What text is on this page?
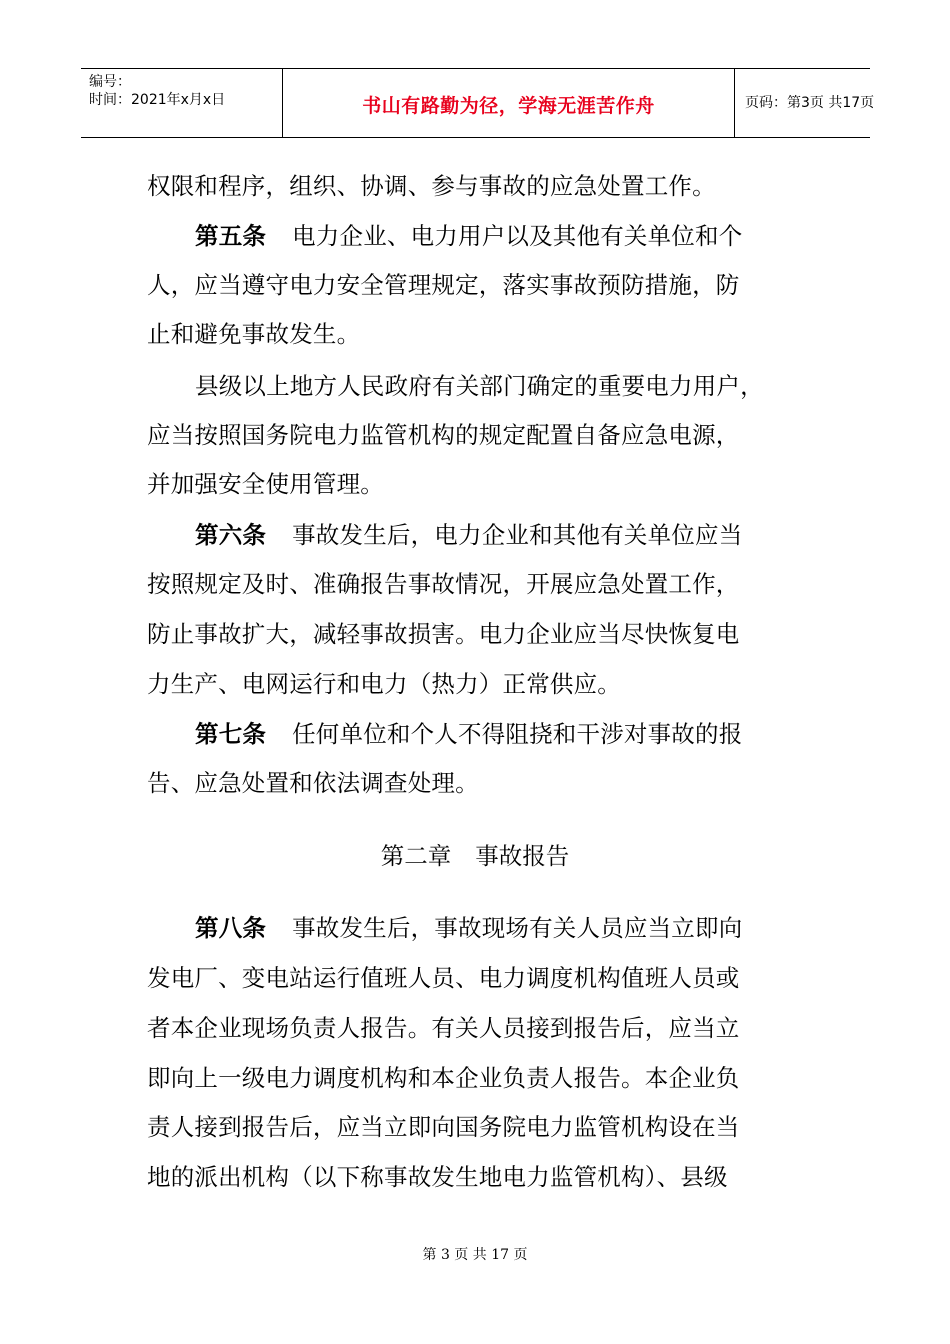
编号：
时间：2021年x月x日	书山有路勤为径，学海无涯苦作舟	页码：第3页 共17页
权限和程序，组织、协调、参与事故的应急处置工作。
第五条 电力企业、电力用户以及其他有关单位和个
人，应当遵守电力安全管理规定，落实事故预防措施，防
止和避免事故发生。
县级以上地方人民政府有关部门确定的重要电力用户，
应当按照国务院电力监管机构的规定配置自备应急电源，
并加强安全使用管理。
第六条 事故发生后，电力企业和其他有关单位应当
按照规定及时、准确报告事故情况，开展应急处置工作，
防止事故扩大，减轻事故损害。电力企业应当尽快恢复电
力生产、电网运行和电力（热力）正常供应。
第七条 任何单位和个人不得阻挠和干涉对事故的报
告、应急处置和依法调查处理。
第二章 事故报告
第八条 事故发生后，事故现场有关人员应当立即向
发电厂、变电站运行值班人员、电力调度机构值班人员或
者本企业现场负责人报告。有关人员接到报告后，应当立
即向上一级电力调度机构和本企业负责人报告。本企业负
责人接到报告后，应当立即向国务院电力监管机构设在当
地的派出机构（以下称事故发生地电力监管机构）、县级
第 3 页 共 17 页
